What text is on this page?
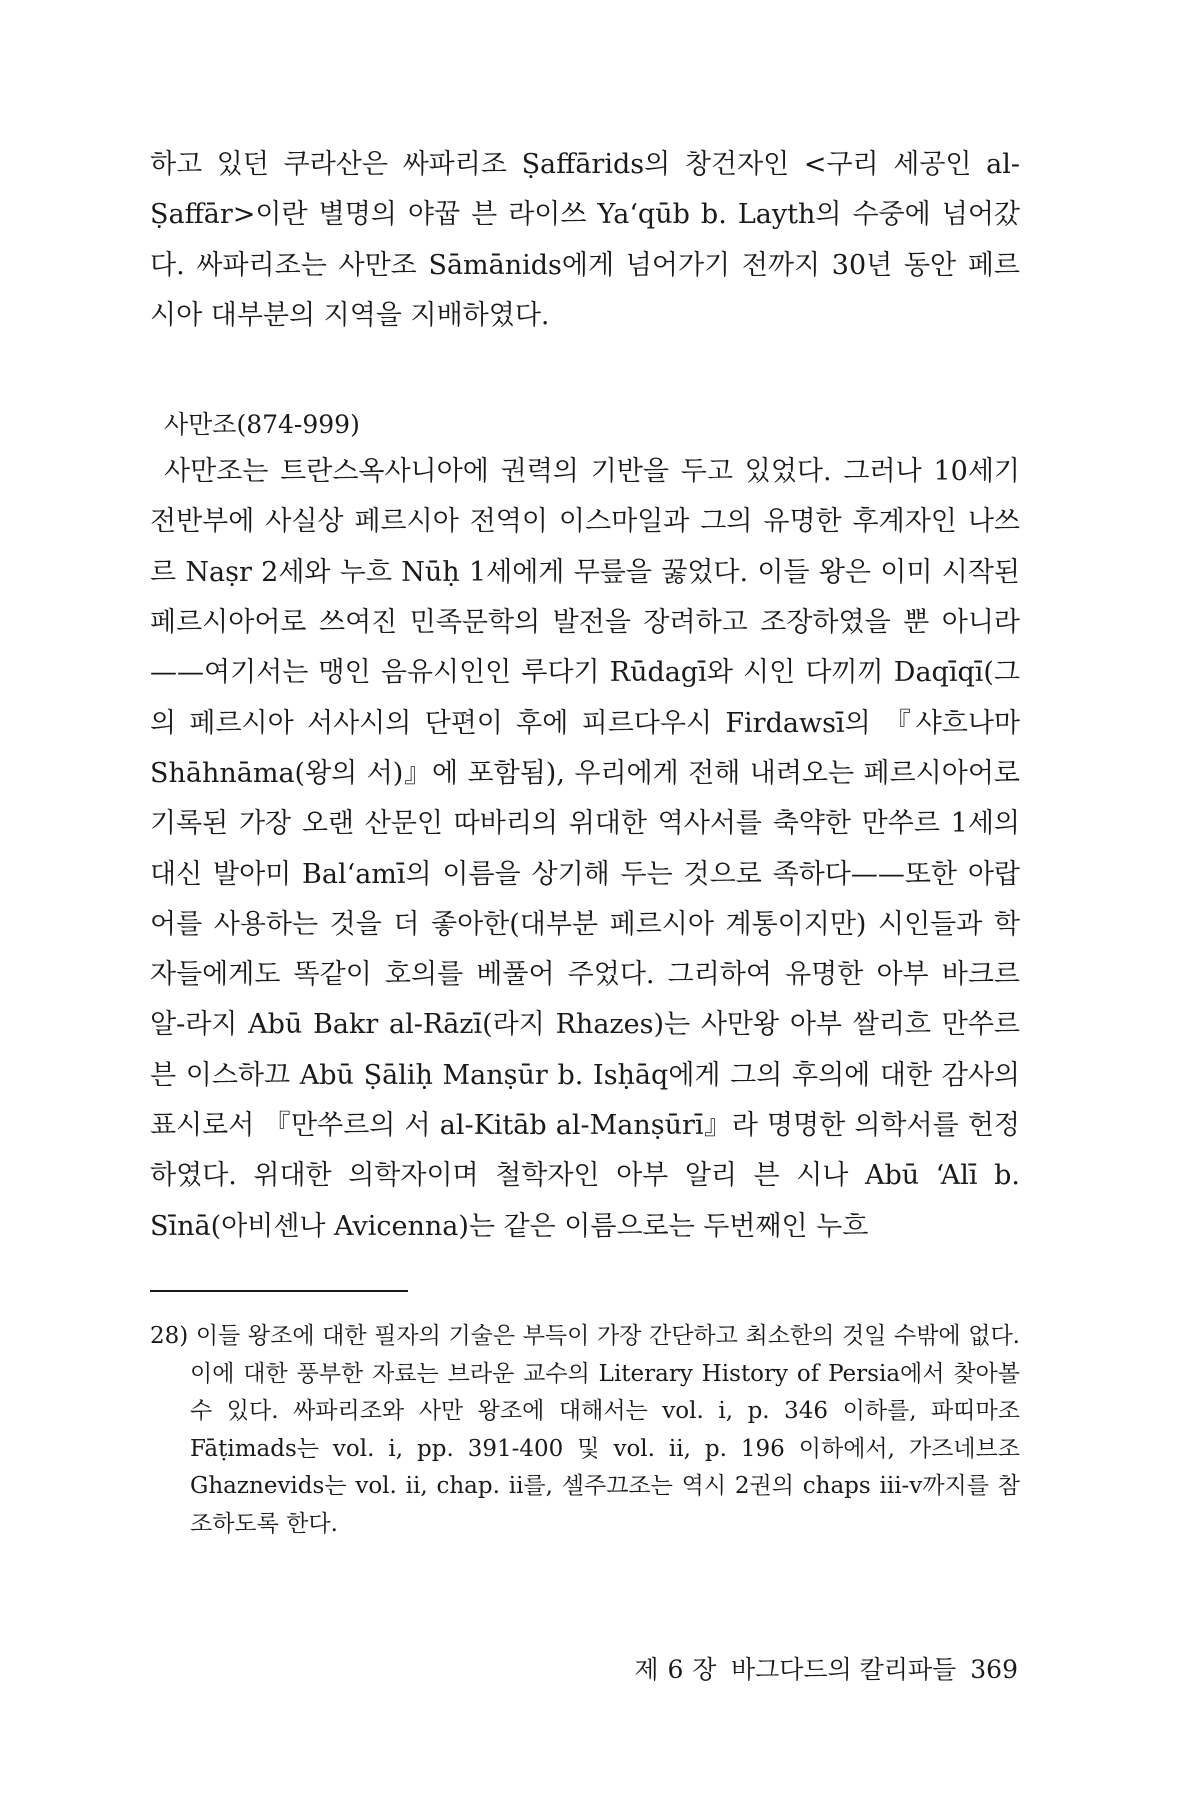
하고 있던 쿠라산은 싸파리조 Ṣaffārids의 창건자인 <구리 세공인 al-Ṣaffār>이란 별명의 야꿉 븐 라이쓰 Ya‘qūb b. Layth의 수중에 넘어갔다. 싸파리조는 사만조 Sāmānids에게 넘어가기 전까지 30년 동안 페르시아 대부분의 지역을 지배하였다.

사만조(874-999)

사만조는 트란스옥사니아에 권력의 기반을 두고 있었다. 그러나 10세기 전반부에 사실상 페르시아 전역이 이스마일과 그의 유명한 후계자인 나쓰르 Naṣr 2세와 누흐 Nūḥ 1세에게 무릎을 꿇었다. 이들 왕은 이미 시작된 페르시아어로 쓰여진 민족문학의 발전을 장려하고 조장하였을 뿐 아니라——여기서는 맹인 음유시인인 루다기 Rūdagī와 시인 다끼끼 Daqīqī(그의 페르시아 서사시의 단편이 후에 피르다우시 Firdawsī의 『샤흐나마 Shāhnāma(왕의 서)』에 포함됨), 우리에게 전해 내려오는 페르시아어로 기록된 가장 오랜 산문인 따바리의 위대한 역사서를 축약한 만쑤르 1세의 대신 발아미 Bal‘amī의 이름을 상기해 두는 것으로 족하다——또한 아랍어를 사용하는 것을 더 좋아한(대부분 페르시아 계통이지만) 시인들과 학자들에게도 똑같이 호의를 베풀어 주었다. 그리하여 유명한 아부 바크르 알-라지 Abū Bakr al-Rāzī(라지 Rhazes)는 사만왕 아부 쌀리흐 만쑤르 븐 이스하끄 Abū Ṣāliḥ Manṣūr b. Isḥāq에게 그의 후의에 대한 감사의 표시로서 『만쑤르의 서 al-Kitāb al-Manṣūrī』라 명명한 의학서를 헌정하였다. 위대한 의학자이며 철학자인 아부 알리 븐 시나 Abū ‘Alī b. Sīnā(아비센나 Avicenna)는 같은 이름으로는 두번째인 누흐

28) 이들 왕조에 대한 필자의 기술은 부득이 가장 간단하고 최소한의 것일 수밖에 없다. 이에 대한 풍부한 자료는 브라운 교수의 Literary History of Persia에서 찾아볼 수 있다. 싸파리조와 사만 왕조에 대해서는 vol. i, p. 346 이하를, 파띠마조 Fāṭimads는 vol. i, pp. 391-400 및 vol. ii, p. 196 이하에서, 가즈네브조 Ghaznevids는 vol. ii, chap. ii를, 셀주끄조는 역시 2권의 chaps iii-v까지를 참조하도록 한다.
제 6 장 바그다드의 칼리파들 369
